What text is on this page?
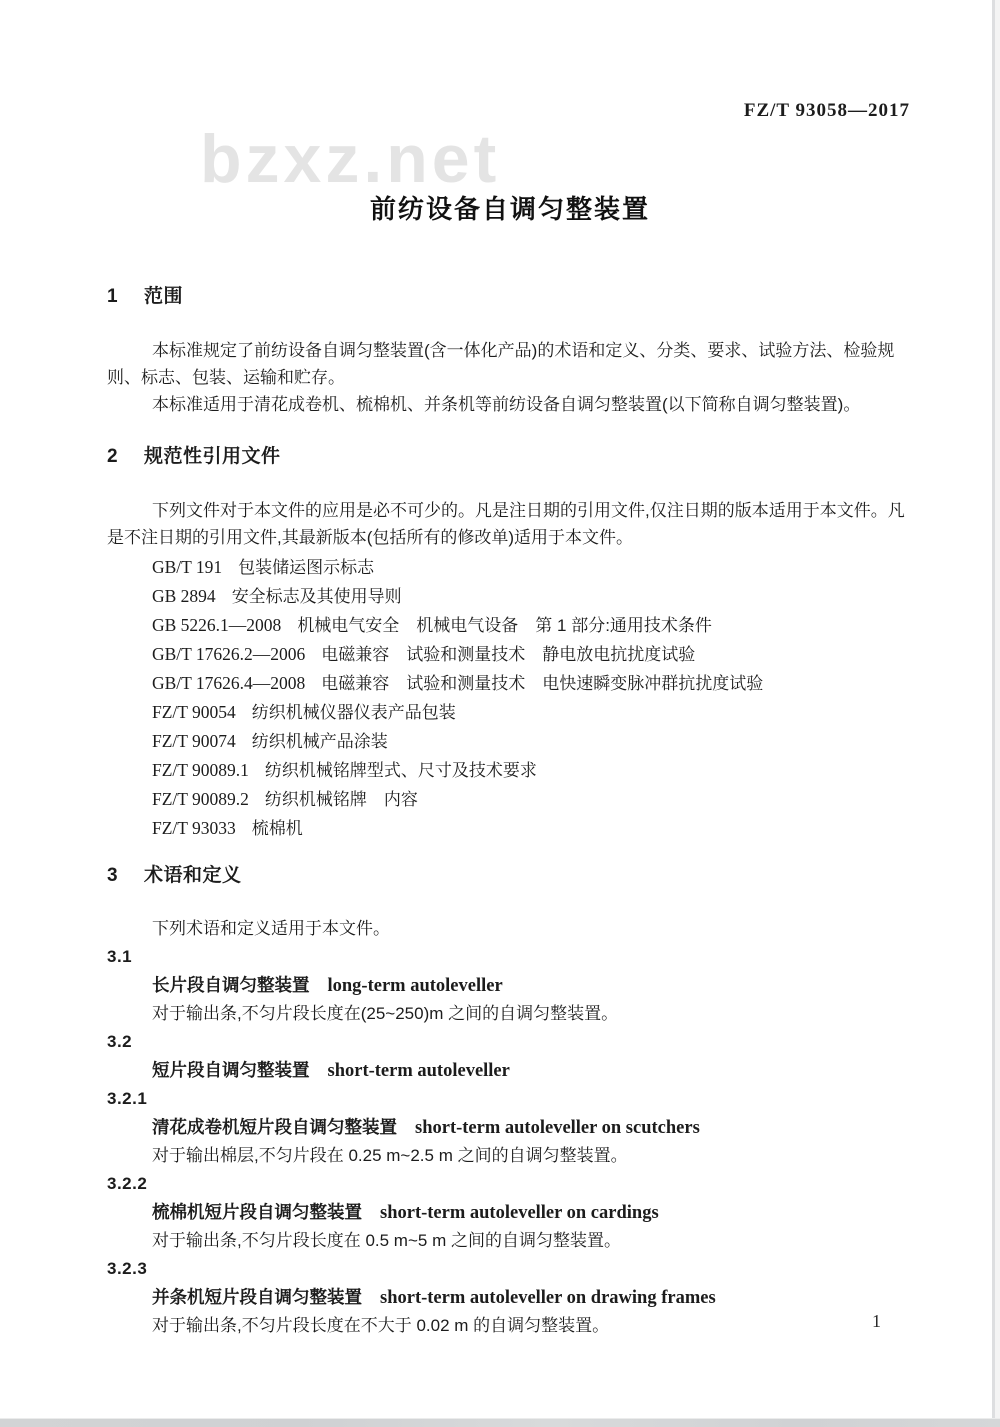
bzxz.net
FZ/T 93058—2017
前纺设备自调匀整装置
1 范围

本标准规定了前纺设备自调匀整装置(含一体化产品)的术语和定义、分类、要求、试验方法、检验规则、标志、包装、运输和贮存。

本标准适用于清花成卷机、梳棉机、并条机等前纺设备自调匀整装置(以下简称自调匀整装置)。

2 规范性引用文件

下列文件对于本文件的应用是必不可少的。凡是注日期的引用文件,仅注日期的版本适用于本文件。凡是不注日期的引用文件,其最新版本(包括所有的修改单)适用于本文件。

GB/T 191 包装储运图示标志
GB 2894 安全标志及其使用导则
GB 5226.1—2008 机械电气安全　机械电气设备　第 1 部分:通用技术条件
GB/T 17626.2—2006 电磁兼容　试验和测量技术　静电放电抗扰度试验
GB/T 17626.4—2008 电磁兼容　试验和测量技术　电快速瞬变脉冲群抗扰度试验
FZ/T 90054 纺织机械仪器仪表产品包装
FZ/T 90074 纺织机械产品涂装
FZ/T 90089.1 纺织机械铭牌型式、尺寸及技术要求
FZ/T 90089.2 纺织机械铭牌　内容
FZ/T 93033 梳棉机
3 术语和定义

下列术语和定义适用于本文件。

3.1
长片段自调匀整装置 long-term autoleveller
对于输出条,不匀片段长度在(25~250)m 之间的自调匀整装置。
3.2
短片段自调匀整装置 short-term autoleveller
3.2.1
清花成卷机短片段自调匀整装置 short-term autoleveller on scutchers
对于输出棉层,不匀片段在 0.25 m~2.5 m 之间的自调匀整装置。
3.2.2
梳棉机短片段自调匀整装置 short-term autoleveller on cardings
对于输出条,不匀片段长度在 0.5 m~5 m 之间的自调匀整装置。
3.2.3
并条机短片段自调匀整装置 short-term autoleveller on drawing frames
对于输出条,不匀片段长度在不大于 0.02 m 的自调匀整装置。	1
